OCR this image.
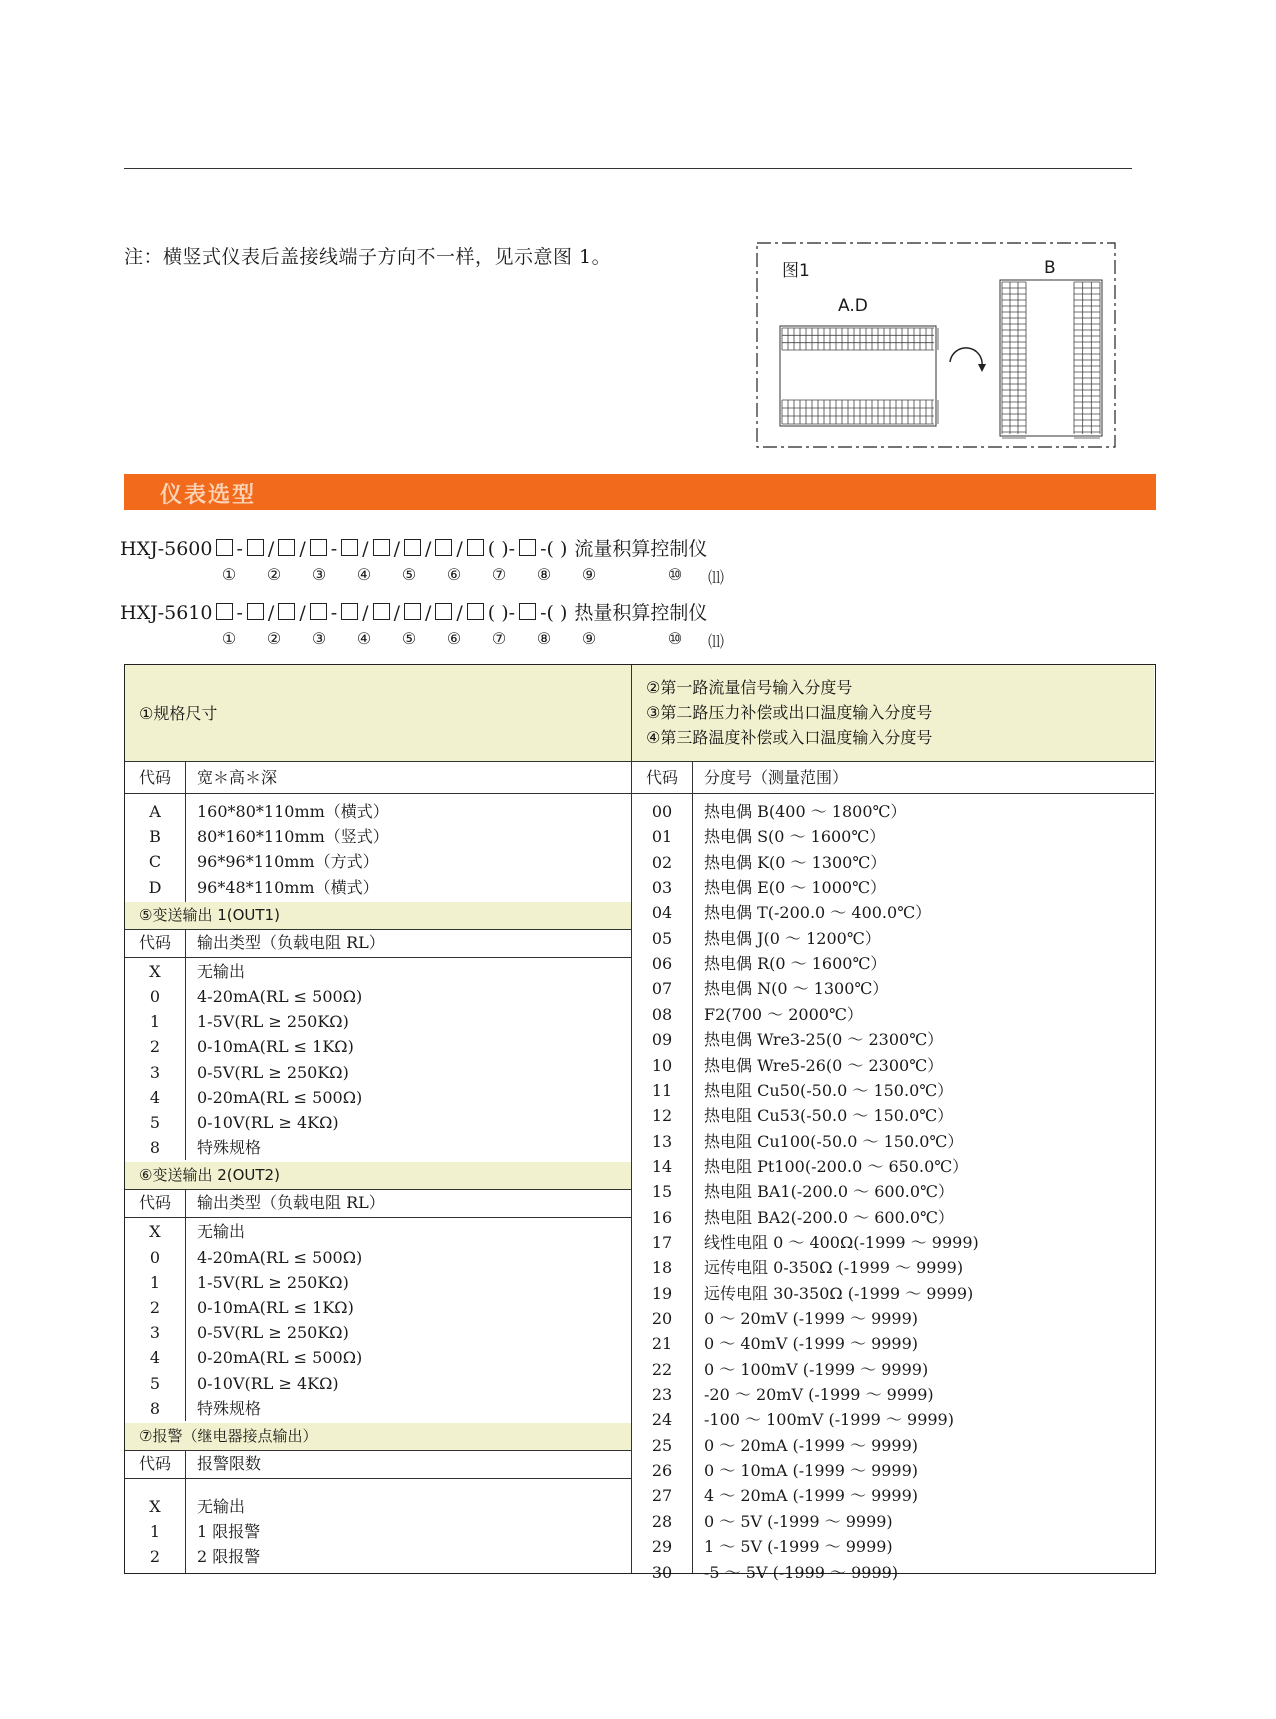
注：横竖式仪表后盖接线端子方向不一样，见示意图 1。
图1
A.D
B
仪表选型
HXJ-5600 - / / - / / / / ( )- -( ) 流量积算控制仪
① ② ③ ④ ⑤ ⑥ ⑦ ⑧ ⑨	⑩ ⑾
HXJ-5610 - / / - / / / / ( )- -( ) 热量积算控制仪
① ② ③ ④ ⑤ ⑥ ⑦ ⑧ ⑨	⑩ ⑾
①规格尺寸
②第一路流量信号输入分度号
③第二路压力补偿或出口温度输入分度号
④第三路温度补偿或入口温度输入分度号
代码	宽＊高＊深
A	160*80*110mm（横式）
B	80*160*110mm（竖式）
C	96*96*110mm（方式）
D	96*48*110mm（横式）
⑤变送输出 1(OUT1)
代码	输出类型（负载电阻 RL）
X	无输出
0	4-20mA(RL ≤ 500Ω)
1	1-5V(RL ≥ 250KΩ)
2	0-10mA(RL ≤ 1KΩ)
3	0-5V(RL ≥ 250KΩ)
4	0-20mA(RL ≤ 500Ω)
5	0-10V(RL ≥ 4KΩ)
8	特殊规格
⑥变送输出 2(OUT2)
代码	输出类型（负载电阻 RL）
X	无输出
0	4-20mA(RL ≤ 500Ω)
1	1-5V(RL ≥ 250KΩ)
2	0-10mA(RL ≤ 1KΩ)
3	0-5V(RL ≥ 250KΩ)
4	0-20mA(RL ≤ 500Ω)
5	0-10V(RL ≥ 4KΩ)
8	特殊规格
⑦报警（继电器接点输出）
代码	报警限数
X	无输出
1	1 限报警
2	2 限报警
代码	分度号（测量范围）
00	热电偶 B(400 ～ 1800℃）
01	热电偶 S(0 ～ 1600℃）
02	热电偶 K(0 ～ 1300℃）
03	热电偶 E(0 ～ 1000℃）
04	热电偶 T(-200.0 ～ 400.0℃）
05	热电偶 J(0 ～ 1200℃）
06	热电偶 R(0 ～ 1600℃）
07	热电偶 N(0 ～ 1300℃）
08	F2(700 ～ 2000℃）
09	热电偶 Wre3-25(0 ～ 2300℃）
10	热电偶 Wre5-26(0 ～ 2300℃）
11	热电阻 Cu50(-50.0 ～ 150.0℃）
12	热电阻 Cu53(-50.0 ～ 150.0℃）
13	热电阻 Cu100(-50.0 ～ 150.0℃）
14	热电阻 Pt100(-200.0 ～ 650.0℃）
15	热电阻 BA1(-200.0 ～ 600.0℃）
16	热电阻 BA2(-200.0 ～ 600.0℃）
17	线性电阻 0 ～ 400Ω(-1999 ～ 9999)
18	远传电阻 0-350Ω (-1999 ～ 9999)
19	远传电阻 30-350Ω (-1999 ～ 9999)
20	0 ～ 20mV (-1999 ～ 9999)
21	0 ～ 40mV (-1999 ～ 9999)
22	0 ～ 100mV (-1999 ～ 9999)
23	-20 ～ 20mV (-1999 ～ 9999)
24	-100 ～ 100mV (-1999 ～ 9999)
25	0 ～ 20mA (-1999 ～ 9999)
26	0 ～ 10mA (-1999 ～ 9999)
27	4 ～ 20mA (-1999 ～ 9999)
28	0 ～ 5V (-1999 ～ 9999)
29	1 ～ 5V (-1999 ～ 9999)
30	-5 ～ 5V (-1999 ～ 9999)
